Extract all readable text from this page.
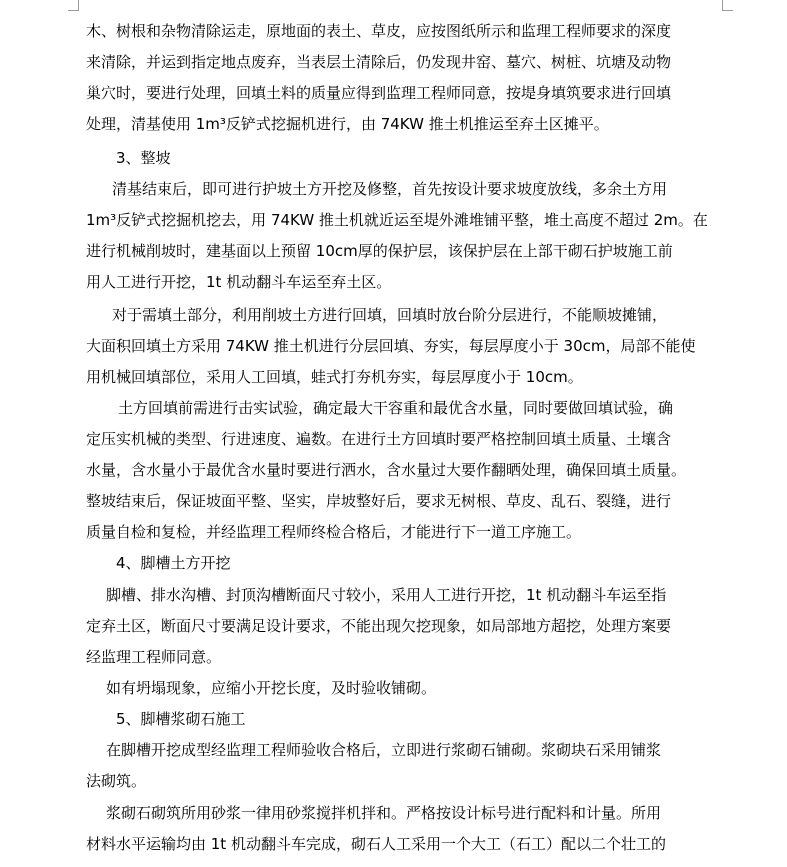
木、树根和杂物清除运走，原地面的表土、草皮，应按图纸所示和监理工程师要求的深度
来清除，并运到指定地点废弃，当表层土清除后，仍发现井窑、墓穴、树桩、坑塘及动物
巢穴时，要进行处理，回填土料的质量应得到监理工程师同意，按堤身填筑要求进行回填
处理，清基使用 1m³反铲式挖掘机进行，由 74KW 推土机推运至弃土区摊平。
3、整坡
清基结束后，即可进行护坡土方开挖及修整，首先按设计要求坡度放线，多余土方用
1m³反铲式挖掘机挖去，用 74KW 推土机就近运至堤外滩堆铺平整，堆土高度不超过 2m。在
进行机械削坡时，建基面以上预留 10cm厚的保护层，该保护层在上部干砌石护坡施工前
用人工进行开挖，1t 机动翻斗车运至弃土区。
对于需填土部分，利用削坡土方进行回填，回填时放台阶分层进行，不能顺坡摊铺，
大面积回填土方采用 74KW 推土机进行分层回填、夯实，每层厚度小于 30cm，局部不能使
用机械回填部位，采用人工回填，蛙式打夯机夯实，每层厚度小于 10cm。
土方回填前需进行击实试验，确定最大干容重和最优含水量，同时要做回填试验，确
定压实机械的类型、行进速度、遍数。在进行土方回填时要严格控制回填土质量、土壤含
水量，含水量小于最优含水量时要进行洒水，含水量过大要作翻晒处理，确保回填土质量。
整坡结束后，保证坡面平整、坚实，岸坡整好后，要求无树根、草皮、乱石、裂缝，进行
质量自检和复检，并经监理工程师终检合格后，才能进行下一道工序施工。
4、脚槽土方开挖
脚槽、排水沟槽、封顶沟槽断面尺寸较小，采用人工进行开挖，1t 机动翻斗车运至指
定弃土区，断面尺寸要满足设计要求，不能出现欠挖现象，如局部地方超挖，处理方案要
经监理工程师同意。
如有坍塌现象，应缩小开挖长度，及时验收铺砌。
5、脚槽浆砌石施工
在脚槽开挖成型经监理工程师验收合格后，立即进行浆砌石铺砌。浆砌块石采用铺浆
法砌筑。
浆砌石砌筑所用砂浆一律用砂浆搅拌机拌和。严格按设计标号进行配料和计量。所用
材料水平运输均由 1t 机动翻斗车完成，砌石人工采用一个大工（石工）配以二个壮工的
